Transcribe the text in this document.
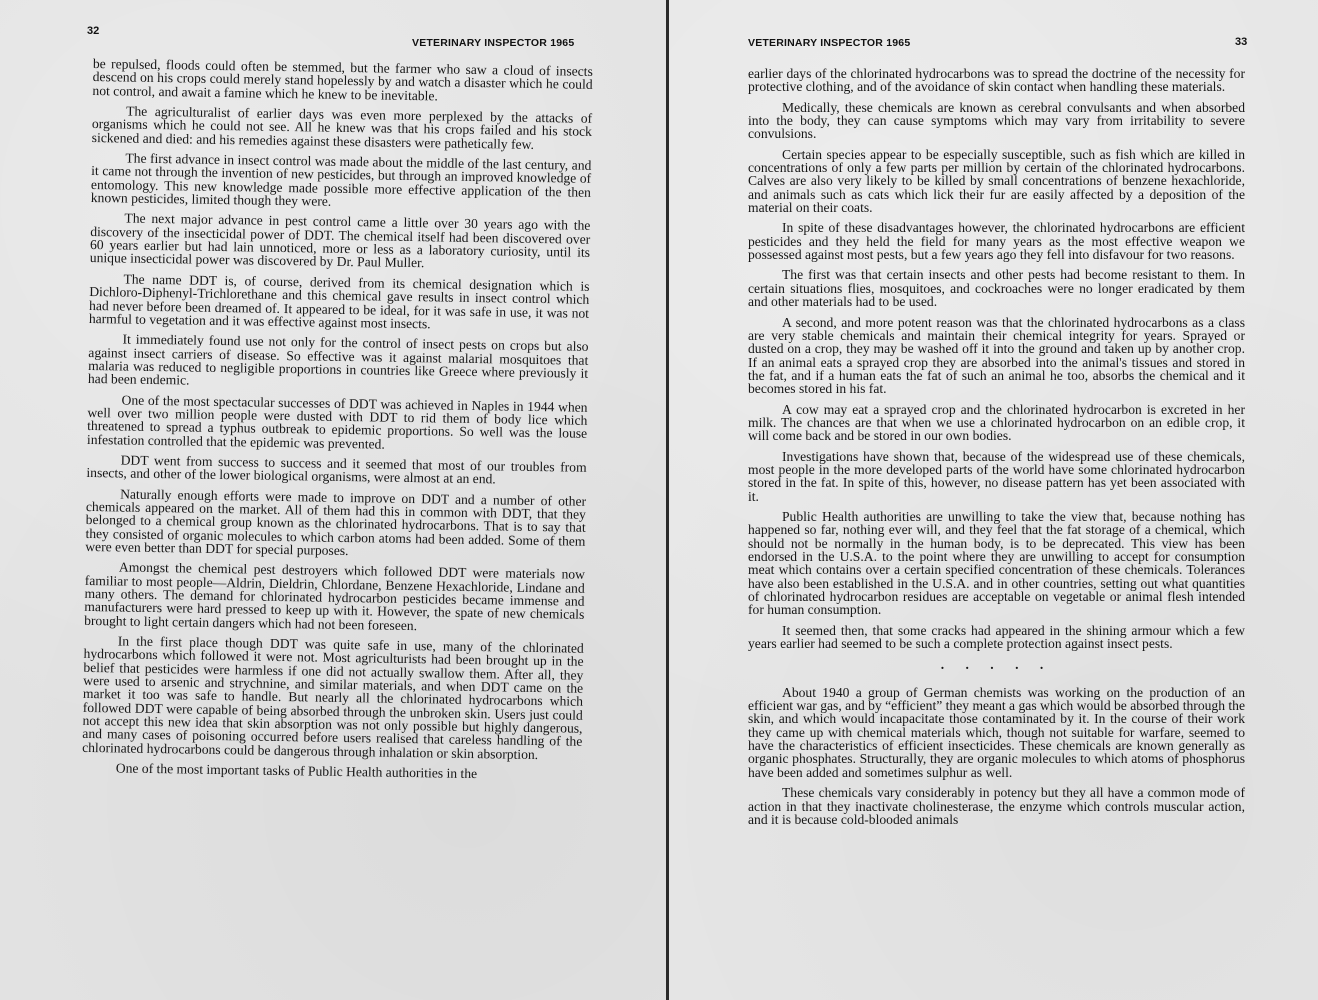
32
VETERINARY INSPECTOR 1965

be repulsed, floods could often be stemmed, but the farmer who saw a cloud of insects descend on his crops could merely stand hopelessly by and watch a disaster which he could not control, and await a famine which he knew to be inevitable.

The agriculturalist of earlier days was even more perplexed by the attacks of organisms which he could not see. All he knew was that his crops failed and his stock sickened and died: and his remedies against these disasters were pathetically few.

The first advance in insect control was made about the middle of the last century, and it came not through the invention of new pesticides, but through an improved knowledge of entomology. This new knowledge made possible more effective application of the then known pesticides, limited though they were.

The next major advance in pest control came a little over 30 years ago with the discovery of the insecticidal power of DDT. The chemical itself had been discovered over 60 years earlier but had lain unnoticed, more or less as a laboratory curiosity, until its unique insecticidal power was discovered by Dr. Paul Muller.

The name DDT is, of course, derived from its chemical designation which is Dichloro-Diphenyl-Trichlorethane and this chemical gave results in insect control which had never before been dreamed of. It appeared to be ideal, for it was safe in use, it was not harmful to vegetation and it was effective against most insects.

It immediately found use not only for the control of insect pests on crops but also against insect carriers of disease. So effective was it against malarial mosquitoes that malaria was reduced to negligible proportions in countries like Greece where previously it had been endemic.

One of the most spectacular successes of DDT was achieved in Naples in 1944 when well over two million people were dusted with DDT to rid them of body lice which threatened to spread a typhus outbreak to epidemic proportions. So well was the louse infestation controlled that the epidemic was prevented.

DDT went from success to success and it seemed that most of our troubles from insects, and other of the lower biological organisms, were almost at an end.

Naturally enough efforts were made to improve on DDT and a number of other chemicals appeared on the market. All of them had this in common with DDT, that they belonged to a chemical group known as the chlorinated hydrocarbons. That is to say that they consisted of organic molecules to which carbon atoms had been added. Some of them were even better than DDT for special purposes.

Amongst the chemical pest destroyers which followed DDT were materials now familiar to most people—Aldrin, Dieldrin, Chlordane, Benzene Hexachloride, Lindane and many others. The demand for chlorinated hydrocarbon pesticides became immense and manufacturers were hard pressed to keep up with it. However, the spate of new chemicals brought to light certain dangers which had not been foreseen.

In the first place though DDT was quite safe in use, many of the chlorinated hydrocarbons which followed it were not. Most agriculturists had been brought up in the belief that pesticides were harmless if one did not actually swallow them. After all, they were used to arsenic and strychnine, and similar materials, and when DDT came on the market it too was safe to handle. But nearly all the chlorinated hydrocarbons which followed DDT were capable of being absorbed through the unbroken skin. Users just could not accept this new idea that skin absorption was not only possible but highly dangerous, and many cases of poisoning occurred before users realised that careless handling of the chlorinated hydrocarbons could be dangerous through inhalation or skin absorption.

One of the most important tasks of Public Health authorities in the

VETERINARY INSPECTOR 1965	33

earlier days of the chlorinated hydrocarbons was to spread the doctrine of the necessity for protective clothing, and of the avoidance of skin contact when handling these materials.

Medically, these chemicals are known as cerebral convulsants and when absorbed into the body, they can cause symptoms which may vary from irritability to severe convulsions.

Certain species appear to be especially susceptible, such as fish which are killed in concentrations of only a few parts per million by certain of the chlorinated hydrocarbons. Calves are also very likely to be killed by small concentrations of benzene hexachloride, and animals such as cats which lick their fur are easily affected by a deposition of the material on their coats.

In spite of these disadvantages however, the chlorinated hydrocarbons are efficient pesticides and they held the field for many years as the most effective weapon we possessed against most pests, but a few years ago they fell into disfavour for two reasons.

The first was that certain insects and other pests had become resistant to them. In certain situations flies, mosquitoes, and cockroaches were no longer eradicated by them and other materials had to be used.

A second, and more potent reason was that the chlorinated hydrocarbons as a class are very stable chemicals and maintain their chemical integrity for years. Sprayed or dusted on a crop, they may be washed off it into the ground and taken up by another crop. If an animal eats a sprayed crop they are absorbed into the animal's tissues and stored in the fat, and if a human eats the fat of such an animal he too, absorbs the chemical and it becomes stored in his fat.

A cow may eat a sprayed crop and the chlorinated hydrocarbon is excreted in her milk. The chances are that when we use a chlorinated hydrocarbon on an edible crop, it will come back and be stored in our own bodies.

Investigations have shown that, because of the widespread use of these chemicals, most people in the more developed parts of the world have some chlorinated hydrocarbon stored in the fat. In spite of this, however, no disease pattern has yet been associated with it.

Public Health authorities are unwilling to take the view that, because nothing has happened so far, nothing ever will, and they feel that the fat storage of a chemical, which should not be normally in the human body, is to be deprecated. This view has been endorsed in the U.S.A. to the point where they are unwilling to accept for consumption meat which contains over a certain specified concentration of these chemicals. Tolerances have also been established in the U.S.A. and in other countries, setting out what quantities of chlorinated hydrocarbon residues are acceptable on vegetable or animal flesh intended for human consumption.

It seemed then, that some cracks had appeared in the shining armour which a few years earlier had seemed to be such a complete protection against insect pests.

. . . . .

About 1940 a group of German chemists was working on the production of an efficient war gas, and by “efficient” they meant a gas which would be absorbed through the skin, and which would incapacitate those contaminated by it. In the course of their work they came up with chemical materials which, though not suitable for warfare, seemed to have the characteristics of efficient insecticides. These chemicals are known generally as organic phosphates. Structurally, they are organic molecules to which atoms of phosphorus have been added and sometimes sulphur as well.

These chemicals vary considerably in potency but they all have a common mode of action in that they inactivate cholinesterase, the enzyme which controls muscular action, and it is because cold-blooded animals
